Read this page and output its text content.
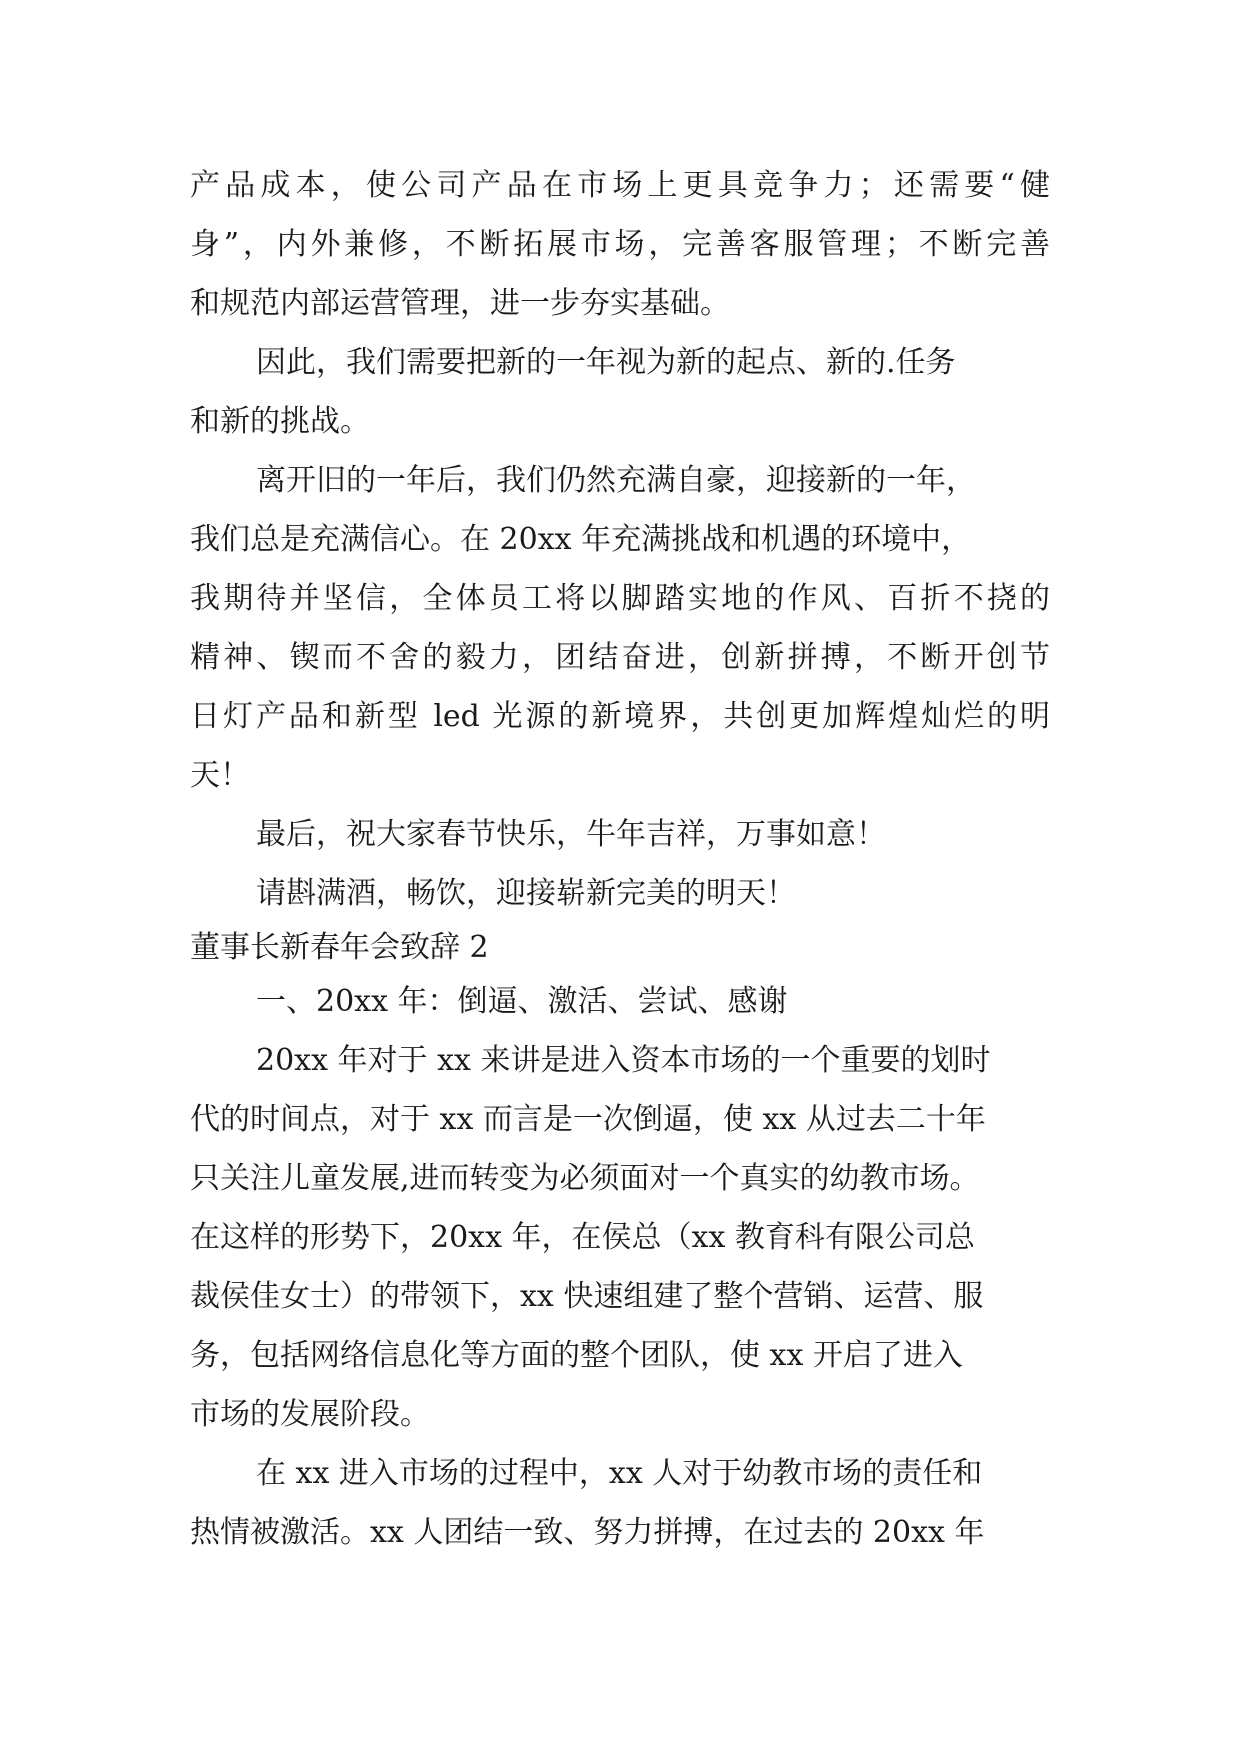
产品成本，使公司产品在市场上更具竞争力；还需要“健
身”，内外兼修，不断拓展市场，完善客服管理；不断完善
和规范内部运营管理，进一步夯实基础。
因此，我们需要把新的一年视为新的起点、新的.任务
和新的挑战。
离开旧的一年后，我们仍然充满自豪，迎接新的一年，
我们总是充满信心。在 20xx 年充满挑战和机遇的环境中，
我期待并坚信，全体员工将以脚踏实地的作风、百折不挠的
精神、锲而不舍的毅力，团结奋进，创新拼搏，不断开创节
日灯产品和新型 led 光源的新境界，共创更加辉煌灿烂的明
天！
最后，祝大家春节快乐，牛年吉祥，万事如意！
请斟满酒，畅饮，迎接崭新完美的明天！
董事长新春年会致辞 2
一、20xx 年：倒逼、激活、尝试、感谢
20xx 年对于 xx 来讲是进入资本市场的一个重要的划时
代的时间点，对于 xx 而言是一次倒逼，使 xx 从过去二十年
只关注儿童发展,进而转变为必须面对一个真实的幼教市场。
在这样的形势下，20xx 年，在侯总（xx 教育科有限公司总
裁侯佳女士）的带领下，xx 快速组建了整个营销、运营、服
务，包括网络信息化等方面的整个团队，使 xx 开启了进入
市场的发展阶段。
在 xx 进入市场的过程中，xx 人对于幼教市场的责任和
热情被激活。xx 人团结一致、努力拼搏，在过去的 20xx 年
